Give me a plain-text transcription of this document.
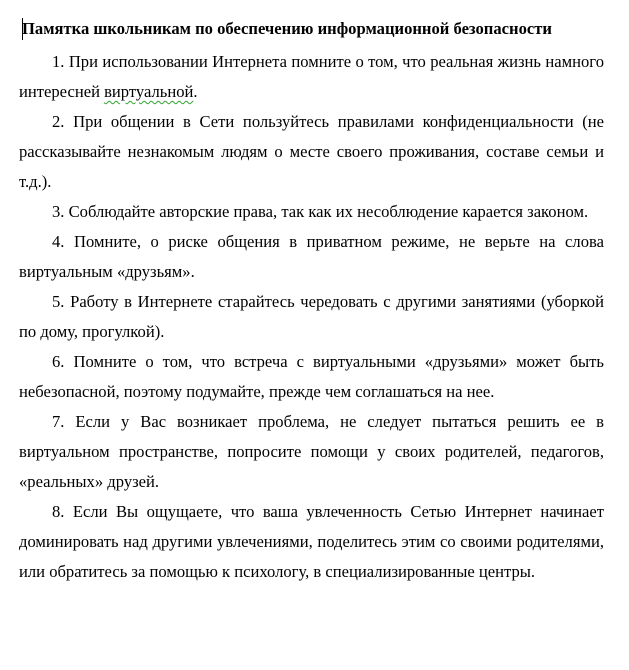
Памятка школьникам по обеспечению информационной безопасности
1. При использовании Интернета помните о том, что реальная жизнь намного интересней виртуальной.
2. При общении в Сети пользуйтесь правилами конфиденциальности (не рассказывайте незнакомым людям о месте своего проживания, составе семьи и т.д.).
3. Соблюдайте авторские права, так как их несоблюдение карается законом.
4. Помните, о риске общения в приватном режиме, не верьте на слова виртуальным «друзьям».
5. Работу в Интернете старайтесь чередовать с другими занятиями (уборкой по дому, прогулкой).
6. Помните о том, что встреча с виртуальными «друзьями» может быть небезопасной, поэтому подумайте, прежде чем соглашаться на нее.
7. Если у Вас возникает проблема, не следует пытаться решить ее в виртуальном пространстве, попросите помощи у своих родителей, педагогов, «реальных» друзей.
8. Если Вы ощущаете, что ваша увлеченность Сетью Интернет начинает доминировать над другими увлечениями, поделитесь этим со своими родителями, или обратитесь за помощью к психологу, в специализированные центры.
